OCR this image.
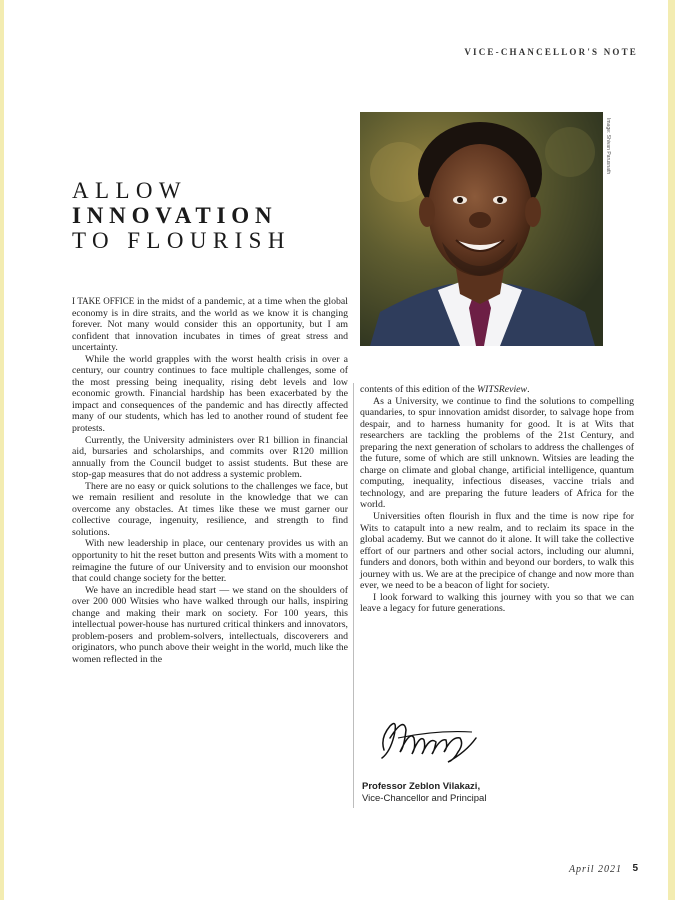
VICE-CHANCELLOR'S NOTE
ALLOW
INNOVATION
TO FLOURISH
Image: Shivan Parusnath

I TAKE OFFICE in the midst of a pandemic, at a time when the global economy is in dire straits, and the world as we know it is changing forever. Not many would consider this an opportunity, but I am confident that innovation incubates in times of great stress and uncertainty.

While the world grapples with the worst health crisis in over a century, our country continues to face multiple challenges, some of the most pressing being inequality, rising debt levels and low economic growth. Financial hardship has been exacerbated by the impact and consequences of the pandemic and has directly affected many of our students, which has led to another round of student fee protests.

Currently, the University administers over R1 billion in financial aid, bursaries and scholarships, and commits over R120 million annually from the Council budget to assist students. But these are stop-gap measures that do not address a systemic problem.

There are no easy or quick solutions to the challenges we face, but we remain resilient and resolute in the knowledge that we can overcome any obstacles. At times like these we must garner our collective courage, ingenuity, resilience, and strength to find solutions.

With new leadership in place, our centenary provides us with an opportunity to hit the reset button and presents Wits with a moment to reimagine the future of our University and to envision our moonshot that could change society for the better.

We have an incredible head start — we stand on the shoulders of over 200 000 Witsies who have walked through our halls, inspiring change and making their mark on society. For 100 years, this intellectual power-house has nurtured critical thinkers and innovators, problem-posers and problem-solvers, intellectuals, discoverers and originators, who punch above their weight in the world, much like the women reflected in the

contents of this edition of the WITSReview.

As a University, we continue to find the solutions to compelling quandaries, to spur innovation amidst disorder, to salvage hope from despair, and to harness humanity for good. It is at Wits that researchers are tackling the problems of the 21st Century, and preparing the next generation of scholars to address the challenges of the future, some of which are still unknown. Witsies are leading the charge on climate and global change, artificial intelligence, quantum computing, inequality, infectious diseases, vaccine trials and technology, and are preparing the future leaders of Africa for the world.

Universities often flourish in flux and the time is now ripe for Wits to catapult into a new realm, and to reclaim its space in the global academy. But we cannot do it alone. It will take the collective effort of our partners and other social actors, including our alumni, funders and donors, both within and beyond our borders, to walk this journey with us. We are at the precipice of change and now more than ever, we need to be a beacon of light for society.

I look forward to walking this journey with you so that we can leave a legacy for future generations.

Professor Zeblon Vilakazi,
Vice-Chancellor and Principal
April 2021 5
